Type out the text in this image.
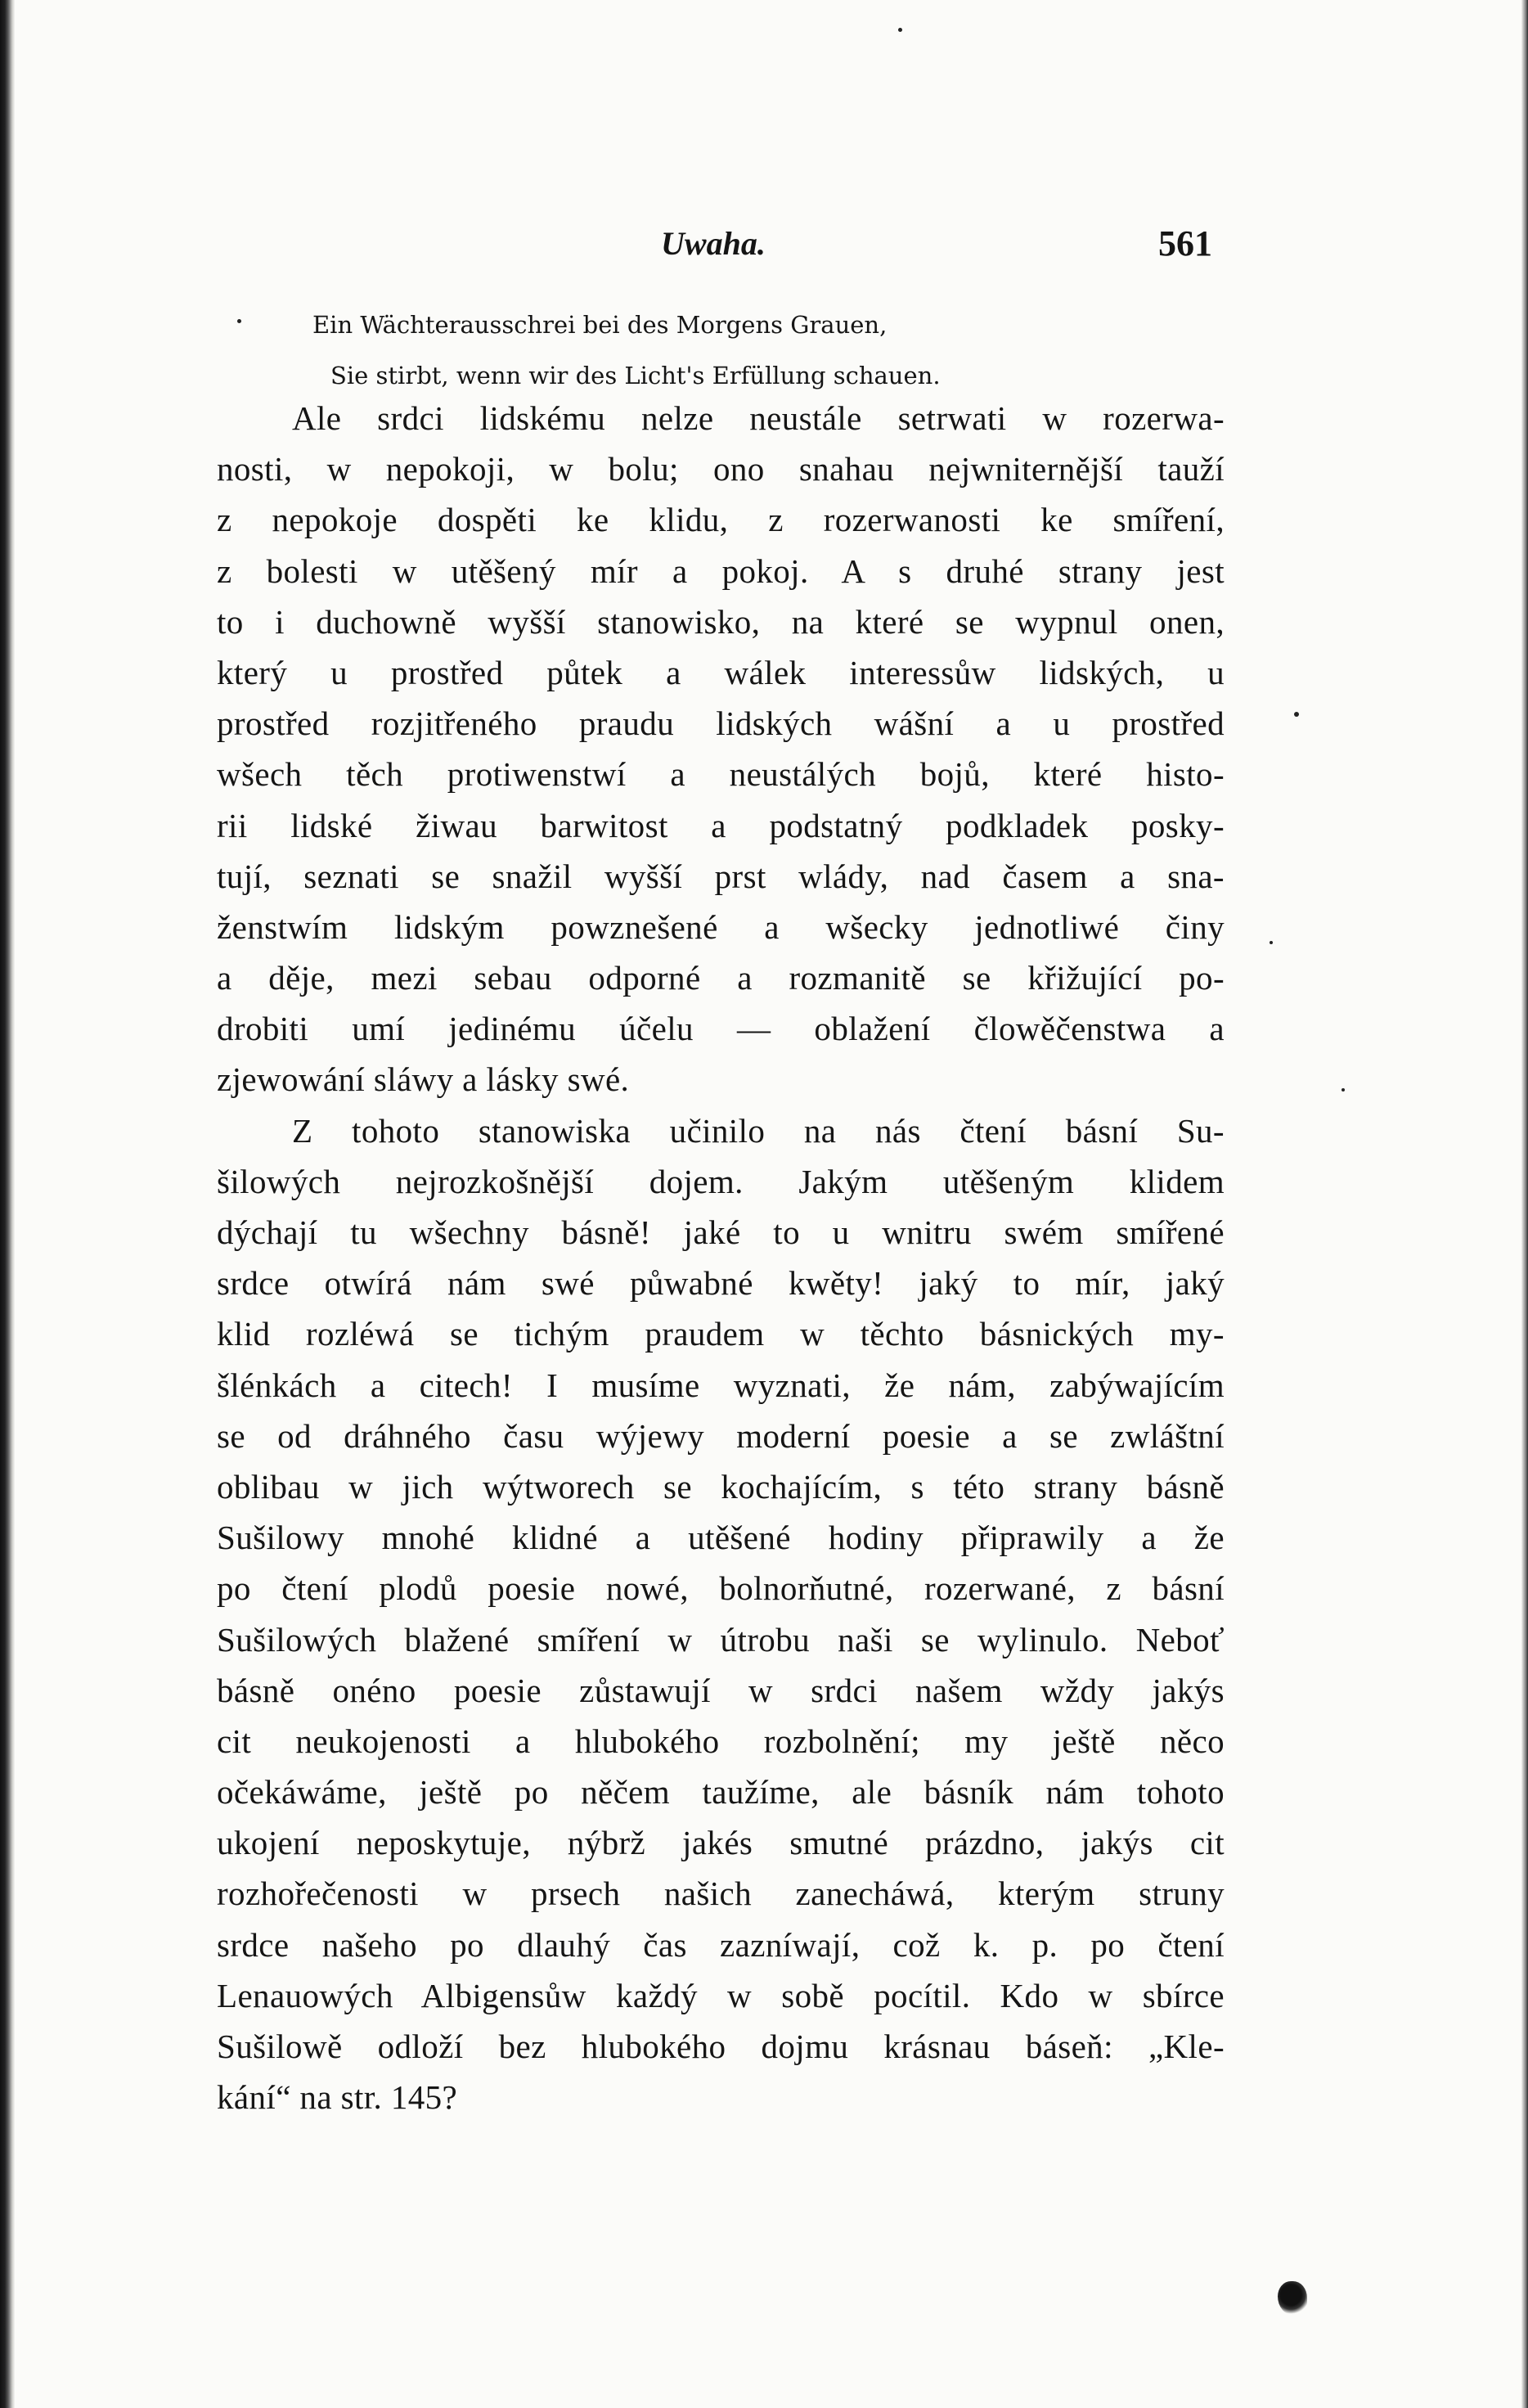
Uwaha.	561
Ein Wächterausschrei bei des Morgens Grauen,
Sie stirbt, wenn wir des Licht's Erfüllung schauen.
Ale srdci lidskému nelze neustále setrwati w rozerwa-
nosti, w nepokoji, w bolu; ono snahau nejwniternější tauží
z nepokoje dospěti ke klidu, z rozerwanosti ke smíření,
z bolesti w utěšený mír a pokoj. A s druhé strany jest
to i duchowně wyšší stanowisko, na které se wypnul onen,
který u prostřed půtek a wálek interessůw lidských, u
prostřed rozjitřeného praudu lidských wášní a u prostřed
wšech těch protiwenstwí a neustálých bojů, které histo-
rii lidské žiwau barwitost a podstatný podkladek posky-
tují, seznati se snažil wyšší prst wlády, nad časem a sna-
ženstwím lidským powznešené a wšecky jednotliwé činy
a děje, mezi sebau odporné a rozmanitě se křižující po-
drobiti umí jedinému účelu — oblažení člowěčenstwa a
zjewowání sláwy a lásky swé.
Z tohoto stanowiska učinilo na nás čtení básní Su-
šilowých nejrozkošnější dojem. Jakým utěšeným klidem
dýchají tu wšechny básně! jaké to u wnitru swém smířené
srdce otwírá nám swé půwabné kwěty! jaký to mír, jaký
klid rozléwá se tichým praudem w těchto básnických my-
šlénkách a citech! I musíme wyznati, že nám, zabýwajícím
se od dráhného času wýjewy moderní poesie a se zwláštní
oblibau w jich wýtworech se kochajícím, s této strany básně
Sušilowy mnohé klidné a utěšené hodiny připrawily a že
po čtení plodů poesie nowé, bolnorňutné, rozerwané, z básní
Sušilowých blažené smíření w útrobu naši se wylinulo. Neboť
básně onéno poesie zůstawují w srdci našem wždy jakýs
cit neukojenosti a hlubokého rozbolnění; my ještě něco
očekáwáme, ještě po něčem taužíme, ale básník nám tohoto
ukojení neposkytuje, nýbrž jakés smutné prázdno, jakýs cit
rozhořečenosti w prsech našich zanecháwá, kterým struny
srdce našeho po dlauhý čas zazníwají, což k. p. po čtení
Lenauowých Albigensůw každý w sobě pocítil. Kdo w sbírce
Sušilowě odloží bez hlubokého dojmu krásnau báseň: „Kle-
kání“ na str. 145?
